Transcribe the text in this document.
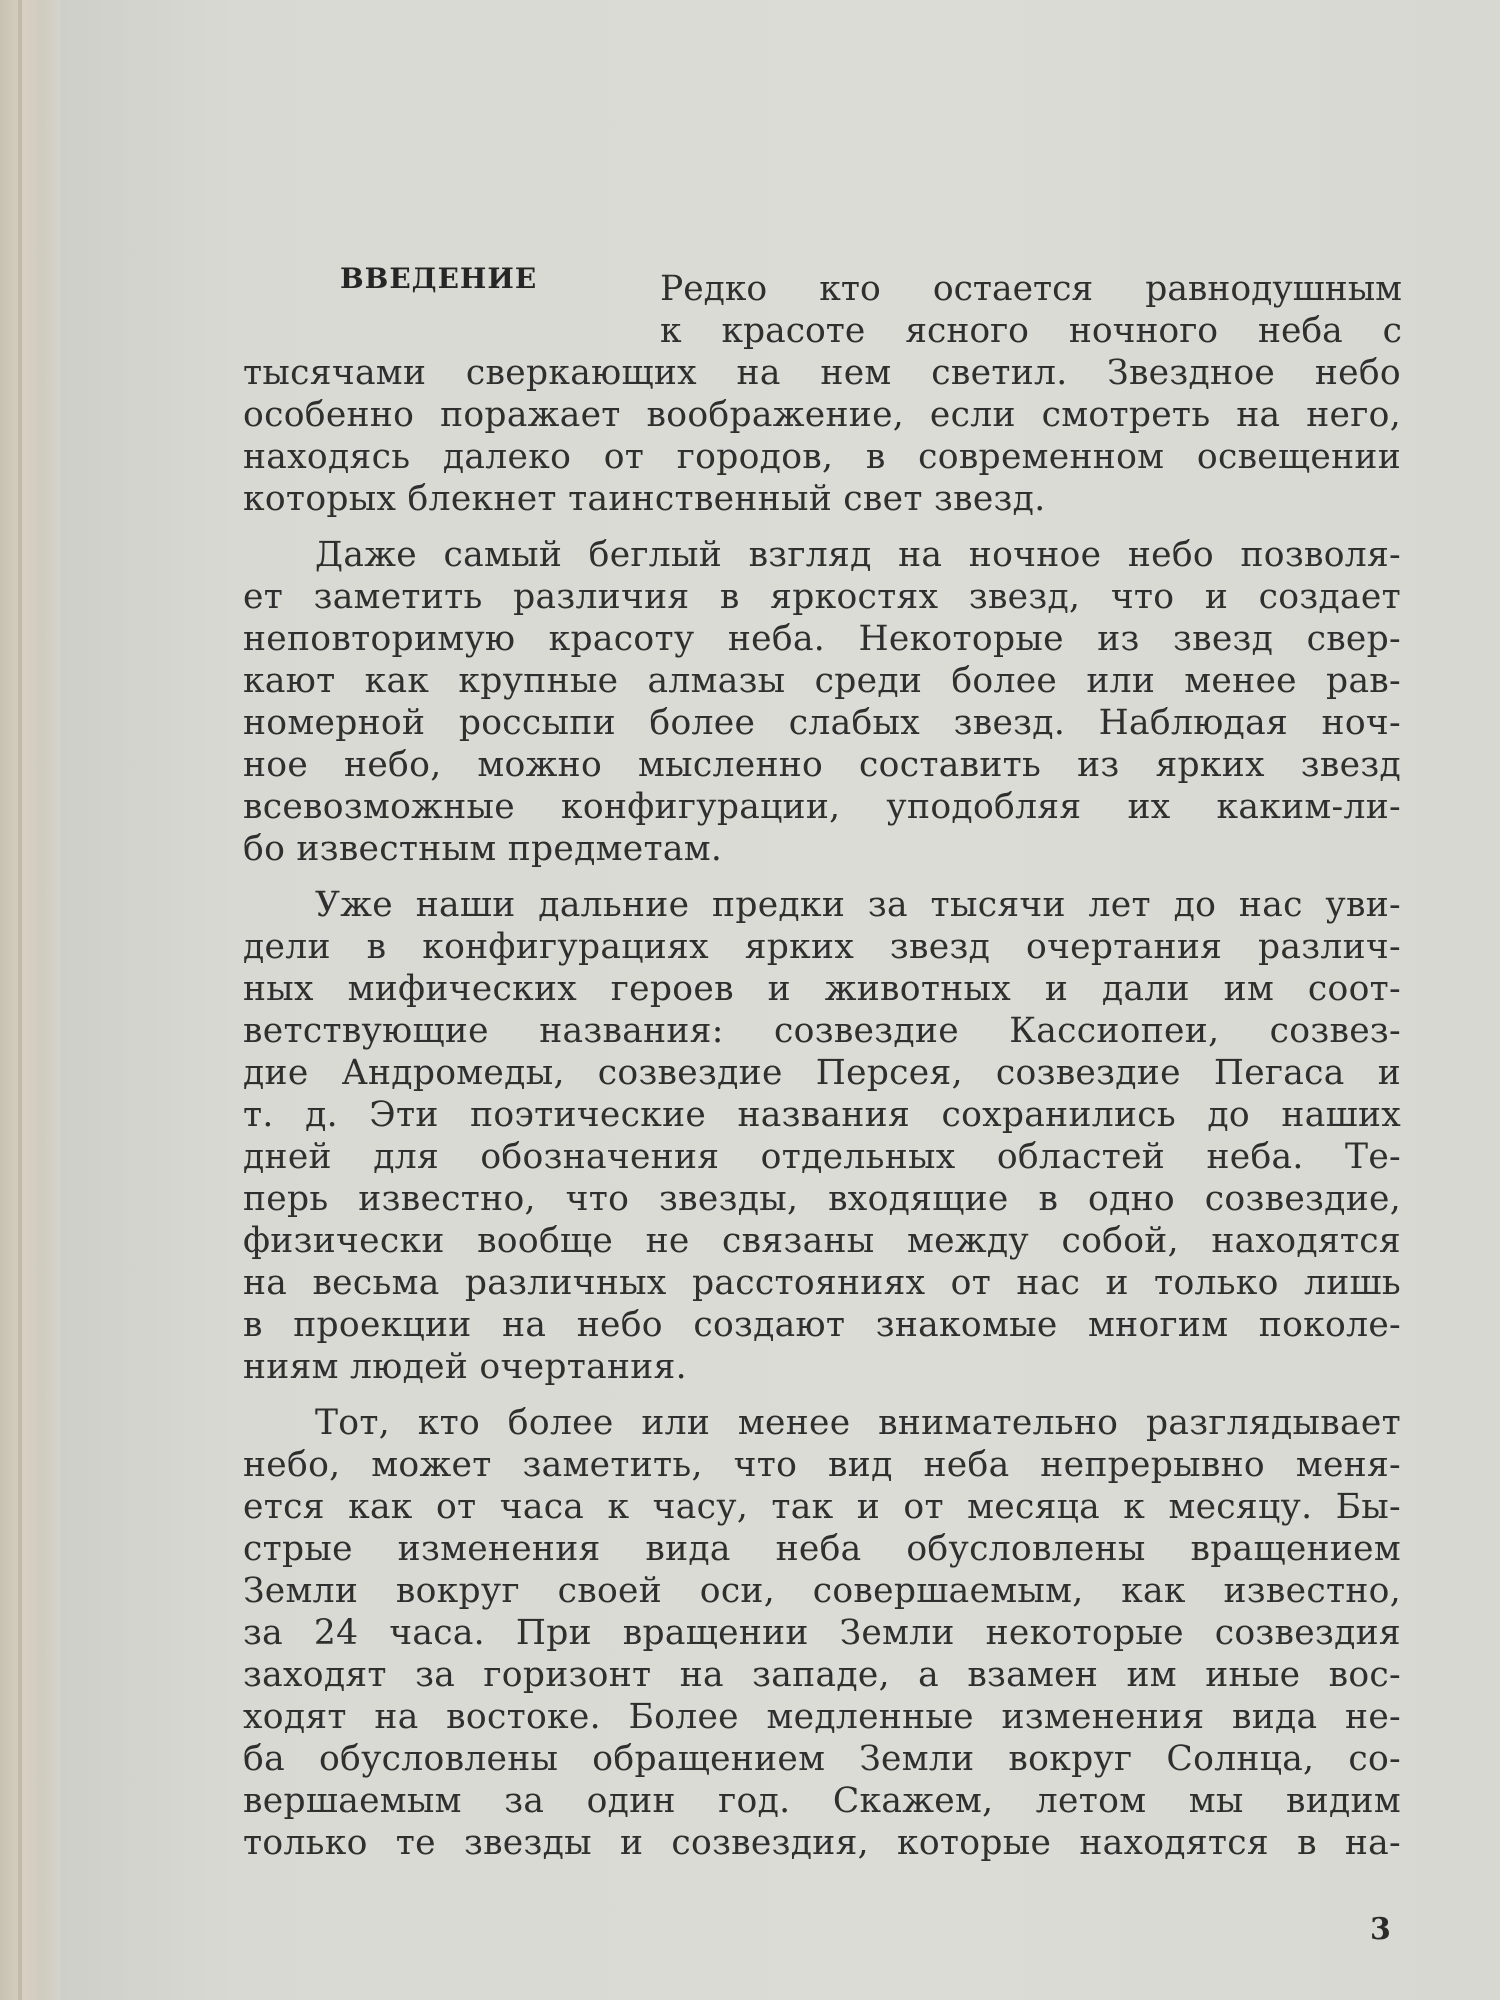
ВВЕДЕНИЕ	Редко кто остается равнодушным
к красоте ясного ночного неба с
тысячами сверкающих на нем светил. Звездное небо
особенно поражает воображение, если смотреть на него,
находясь далеко от городов, в современном освещении
которых блекнет таинственный свет звезд.
Даже самый беглый взгляд на ночное небо позволя-
ет заметить различия в яркостях звезд, что и создает
неповторимую красоту неба. Некоторые из звезд свер-
кают как крупные алмазы среди более или менее рав-
номерной россыпи более слабых звезд. Наблюдая ноч-
ное небо, можно мысленно составить из ярких звезд
всевозможные конфигурации, уподобляя их каким-ли-
бо известным предметам.
Уже наши дальние предки за тысячи лет до нас уви-
дели в конфигурациях ярких звезд очертания различ-
ных мифических героев и животных и дали им соот-
ветствующие названия: созвездие Кассиопеи, созвез-
дие Андромеды, созвездие Персея, созвездие Пегаса и
т. д. Эти поэтические названия сохранились до наших
дней для обозначения отдельных областей неба. Те-
перь известно, что звезды, входящие в одно созвездие,
физически вообще не связаны между собой, находятся
на весьма различных расстояниях от нас и только лишь
в проекции на небо создают знакомые многим поколе-
ниям людей очертания.
Тот, кто более или менее внимательно разглядывает
небо, может заметить, что вид неба непрерывно меня-
ется как от часа к часу, так и от месяца к месяцу. Бы-
стрые изменения вида неба обусловлены вращением
Земли вокруг своей оси, совершаемым, как известно,
за 24 часа. При вращении Земли некоторые созвездия
заходят за горизонт на западе, а взамен им иные вос-
ходят на востоке. Более медленные изменения вида не-
ба обусловлены обращением Земли вокруг Солнца, со-
вершаемым за один год. Скажем, летом мы видим
только те звезды и созвездия, которые находятся в на-
3
